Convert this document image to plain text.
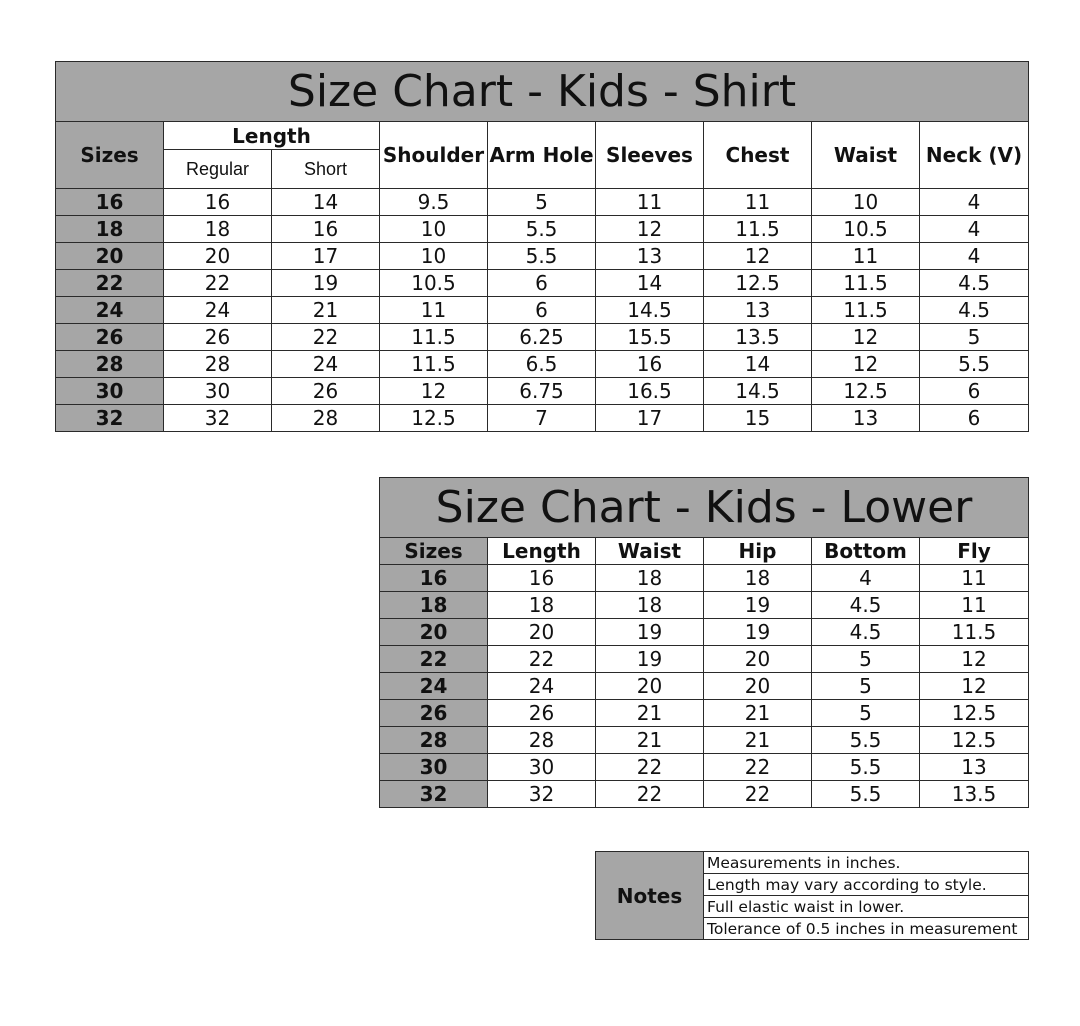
Size Chart - Kids - Shirt								
Sizes	Length		Shoulder	Arm Hole	Sleeves	Chest	Waist	Neck (V)
	Regular	Short						
16	16	14	9.5	5	11	11	10	4
18	18	16	10	5.5	12	11.5	10.5	4
20	20	17	10	5.5	13	12	11	4
22	22	19	10.5	6	14	12.5	11.5	4.5
24	24	21	11	6	14.5	13	11.5	4.5
26	26	22	11.5	6.25	15.5	13.5	12	5
28	28	24	11.5	6.5	16	14	12	5.5
30	30	26	12	6.75	16.5	14.5	12.5	6
32	32	28	12.5	7	17	15	13	6
Size Chart - Kids - Lower					
Sizes	Length	Waist	Hip	Bottom	Fly
16	16	18	18	4	11
18	18	18	19	4.5	11
20	20	19	19	4.5	11.5
22	22	19	20	5	12
24	24	20	20	5	12
26	26	21	21	5	12.5
28	28	21	21	5.5	12.5
30	30	22	22	5.5	13
32	32	22	22	5.5	13.5
Notes	Measurements in inches.
Length may vary according to style.
Full elastic waist in lower.
Tolerance of 0.5 inches in measurement
